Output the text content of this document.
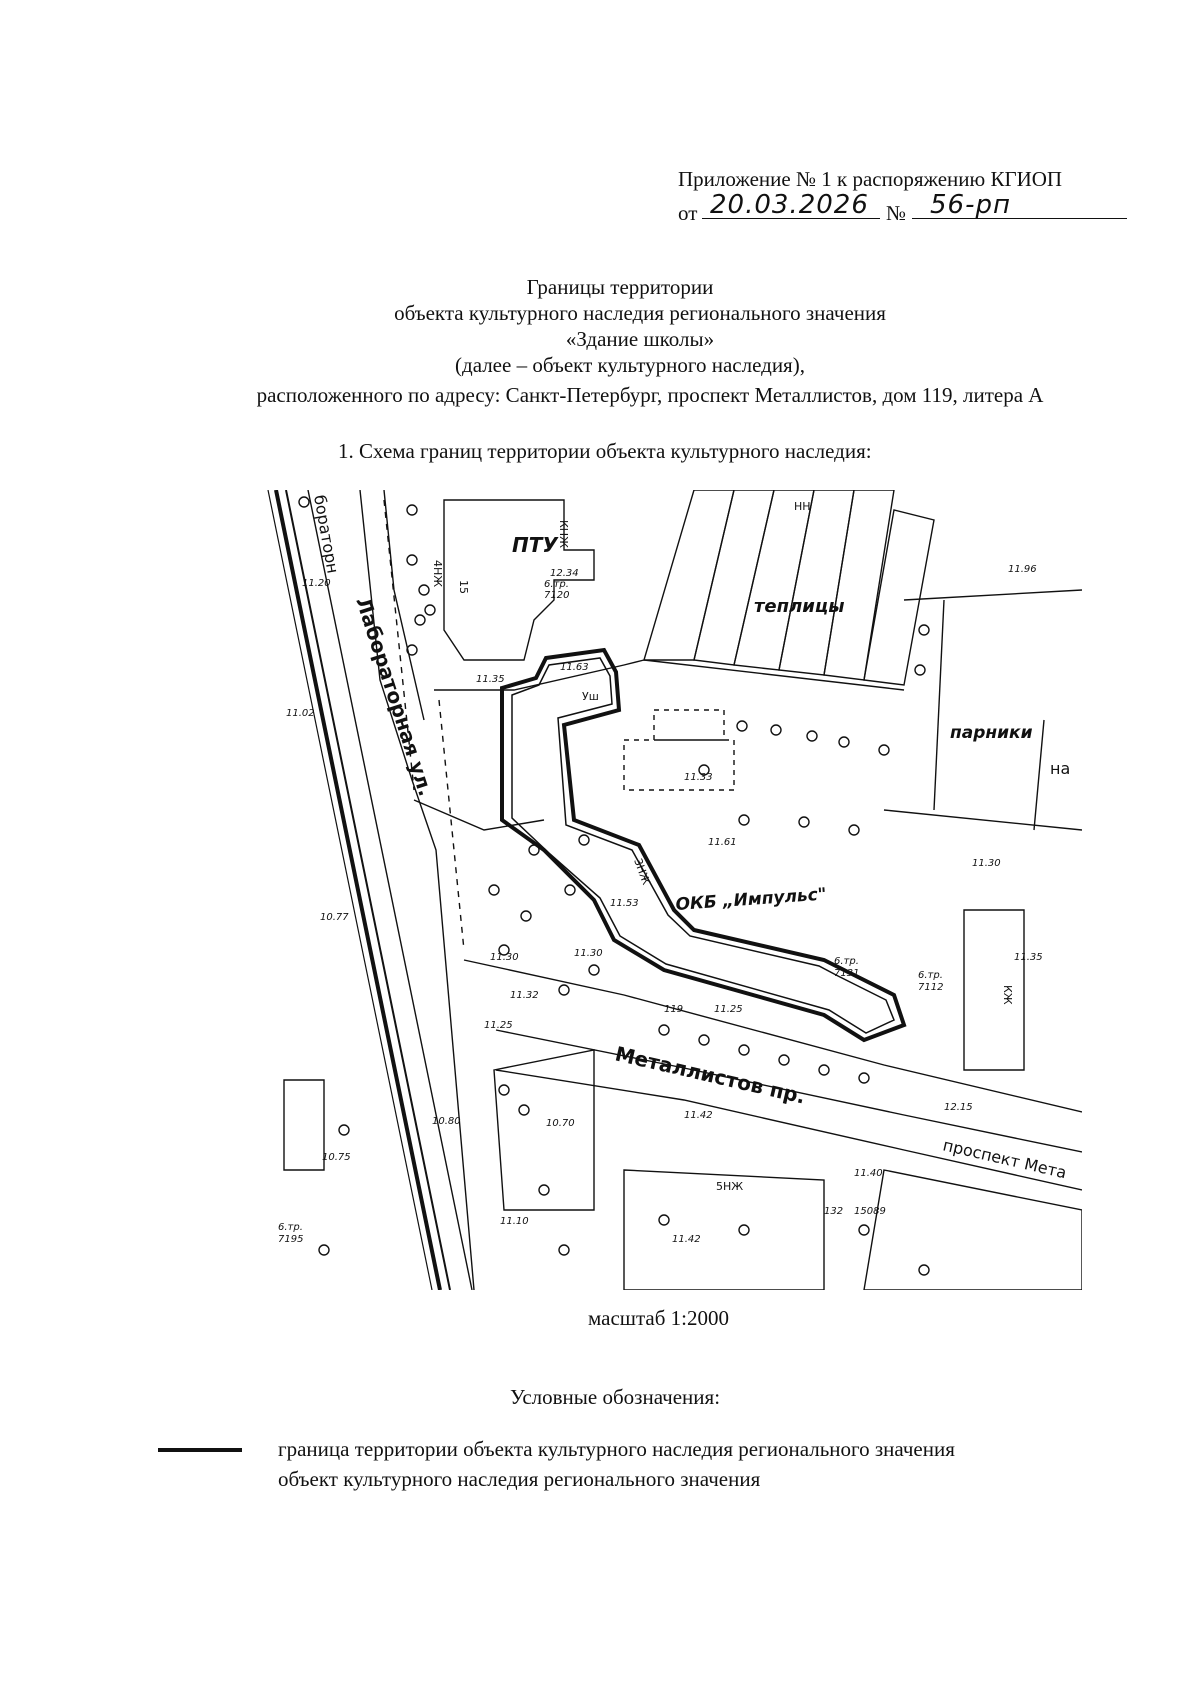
Приложение № 1 к распоряжению КГИОП
от 20.03.2026 № 56-рп
Границы территории
объекта культурного наследия регионального значения
«Здание школы»
(далее – объект культурного наследия),
расположенного по адресу: Санкт-Петербург, проспект Металлистов, дом 119, литера А
1. Схема границ территории объекта культурного наследия:
ПТУ
теплицы
парники
на
ОКБ „Импульс"
Лабораторная ул.
бораторн
Металлистов пр.
проспект Мета
КЖ
НН
КНЖ
3НЖ
5НЖ
4НЖ
Уш
15	6.тр.
7120
6.тр.
7131	6.тр.
7112
6.тр.
7195
119
15089
132
11.20
11.02
10.77
11.35
11.63
12.34	11.96
11.33
11.61
11.53
11.30	11.30
11.32
11.25
11.30
11.35
12.15
10.80
10.75
10.70
11.42
11.40
11.10
11.42
11.25
масштаб 1:2000
Условные обозначения:
граница территории объекта культурного наследия регионального значения
объект культурного наследия регионального значения
